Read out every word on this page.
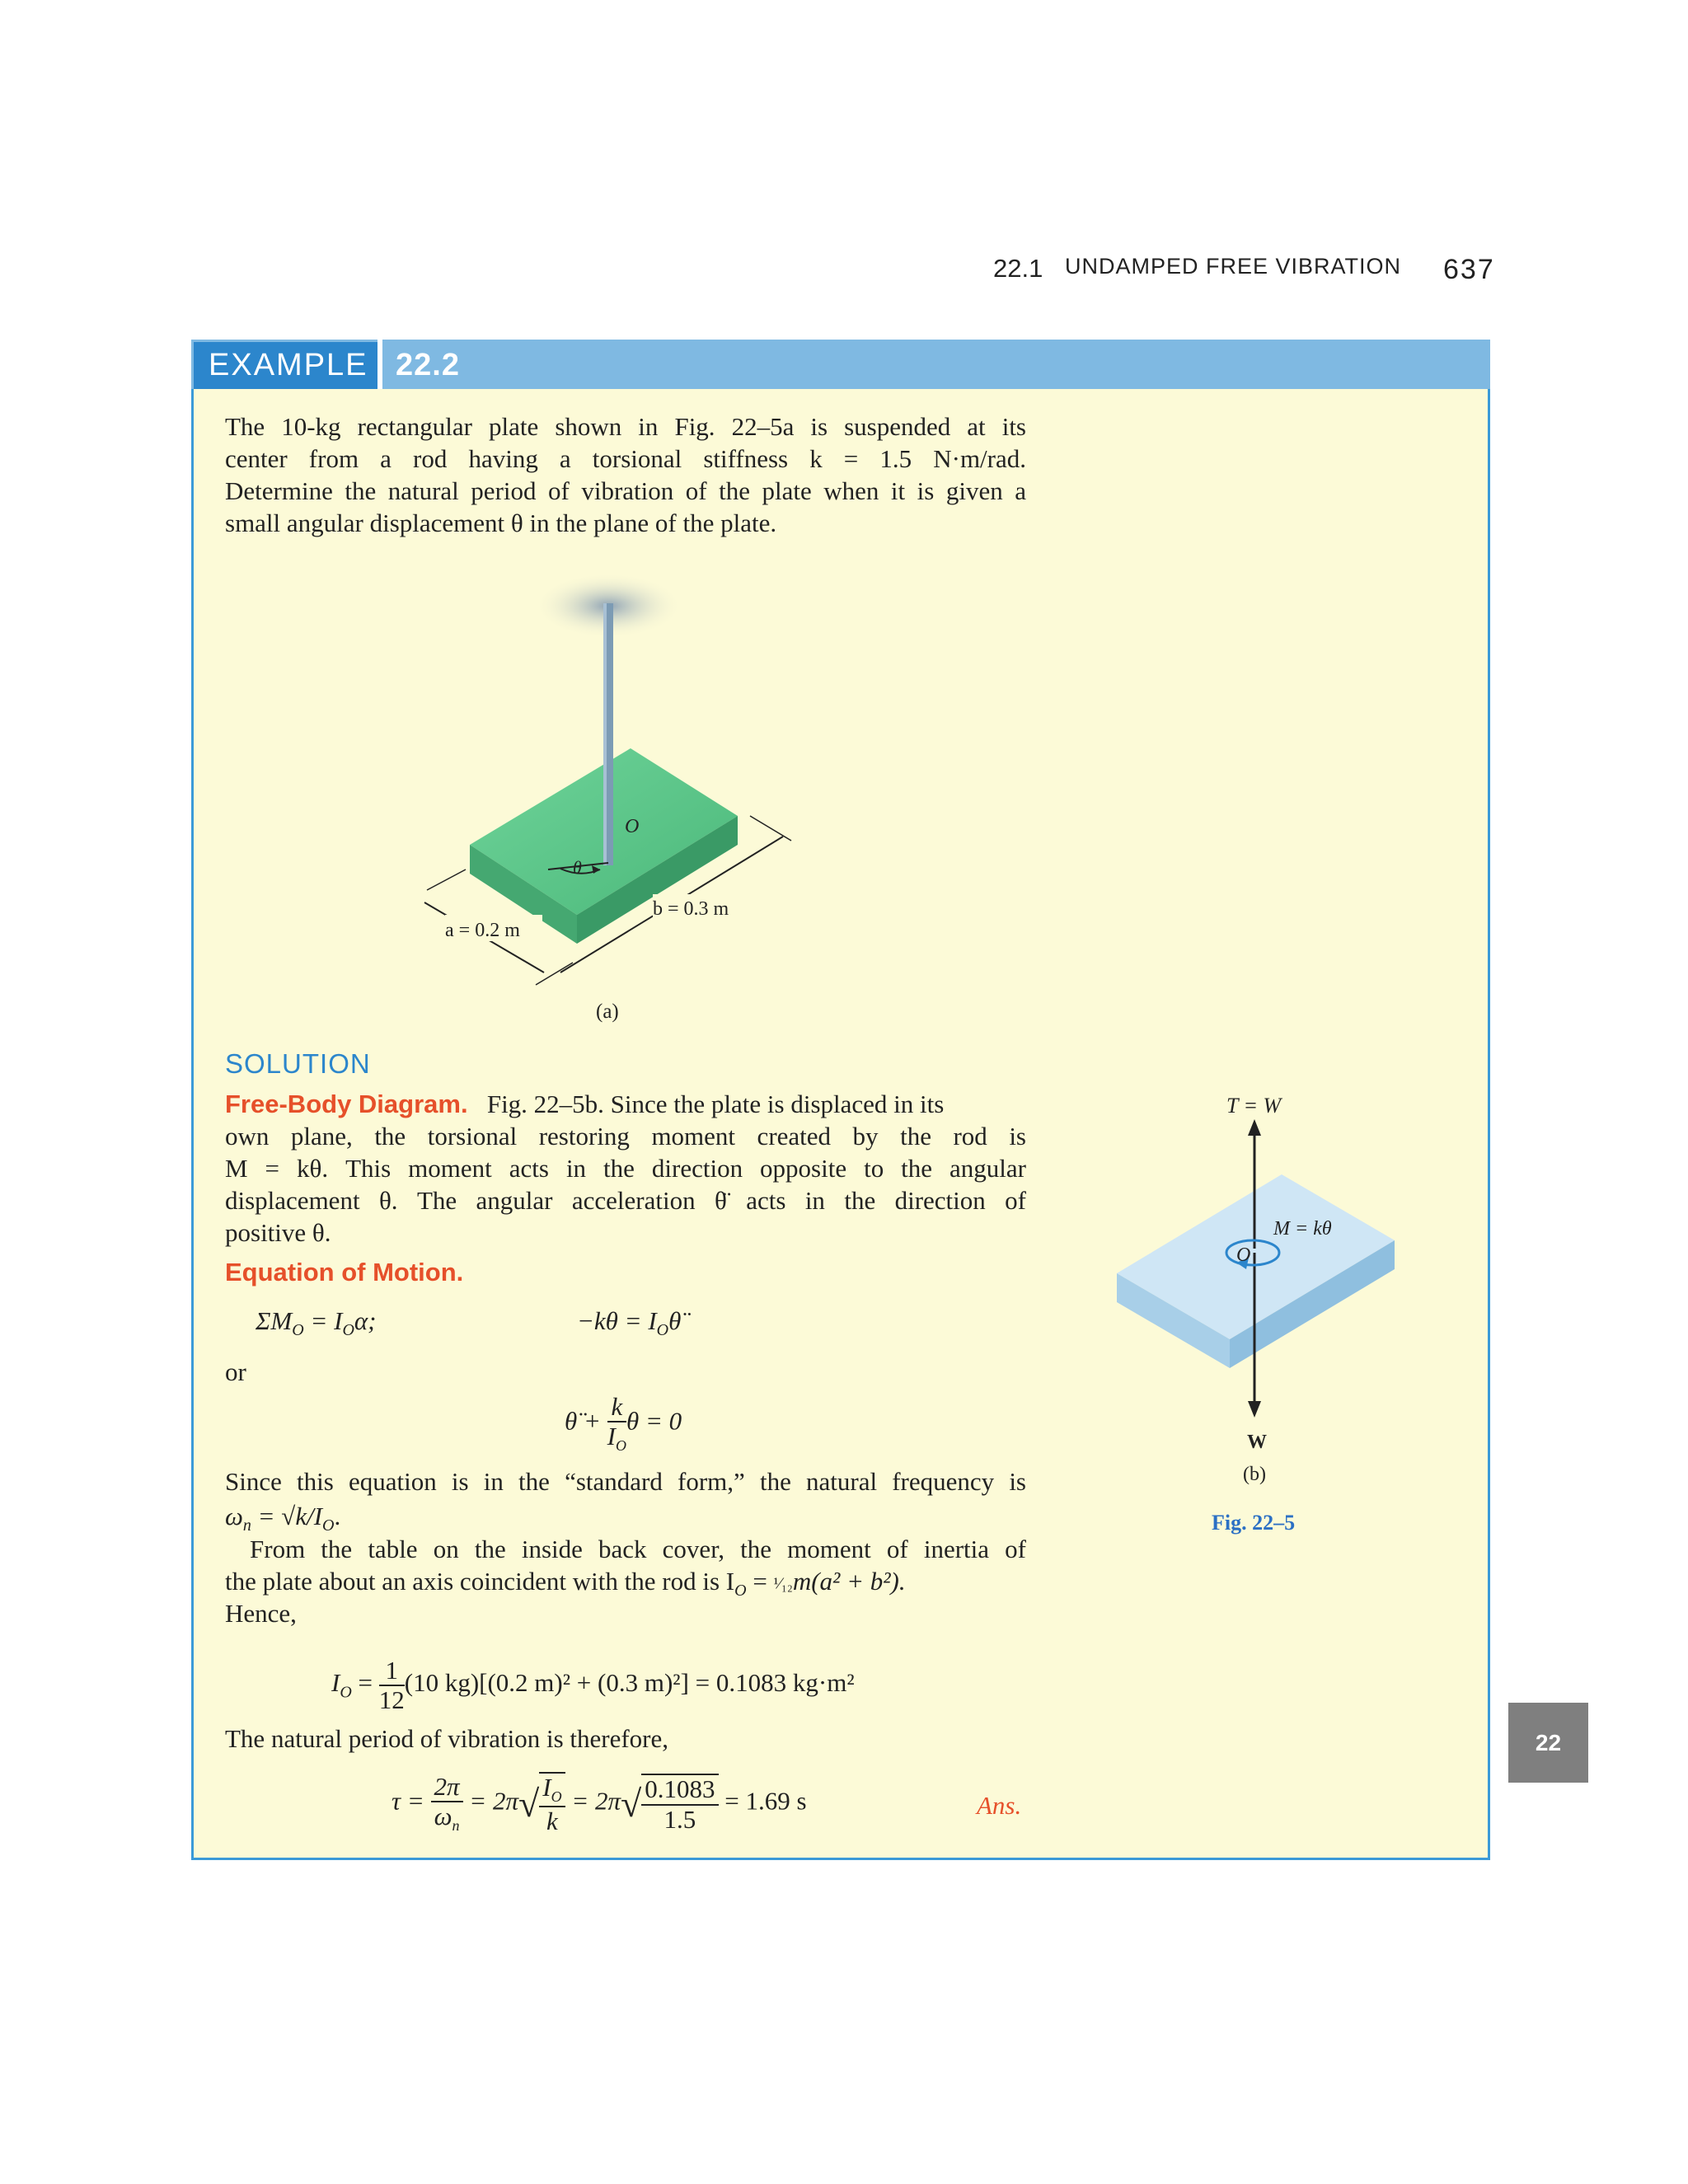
22.1 UNDAMPED FREE VIBRATION 637
EXAMPLE 22.2
The 10-kg rectangular plate shown in Fig. 22–5a is suspended at its
center from a rod having a torsional stiffness k = 1.5 N·m/rad.
Determine the natural period of vibration of the plate when it is given a
small angular displacement θ in the plane of the plate.
θ
O
a = 0.2 m
b = 0.3 m
(a)
SOLUTION
Free-Body Diagram. Fig. 22–5b. Since the plate is displaced in its
own plane, the torsional restoring moment created by the rod is
M = kθ. This moment acts in the direction opposite to the angular
displacement θ. The angular acceleration θ̈ acts in the direction of
positive θ.
Equation of Motion.
$\Sigma M_O = I_O\alpha$;	$-k\theta = I_O\thetä$
or
θ̈ + $\frac{k}{I_O}$ θ = 0
Since this equation is in the “standard form,” the natural frequency is
$\omega_n = √k/I_O$.
From the table on the inside back cover, the moment of inertia of
the plate about an axis coincident with the rod is $I_O$ = ¹⁄₁₂m(a² + b²).
Hence,
$I_O = \frac{1}{12} (10$ kg)[(0.2 m)² + (0.3 m)²] = 0.1083 kg·m²
The natural period of vibration is therefore,
$\tau = \frac{2\pi}{\omega_n} = 2\pi√ \frac{I_O}{k} = 2\pi√ \frac{0.1083}{1.5} = 1.69$ s	Ans.
T = W
O
M = kθ
W
(b)
Fig. 22–5
22
